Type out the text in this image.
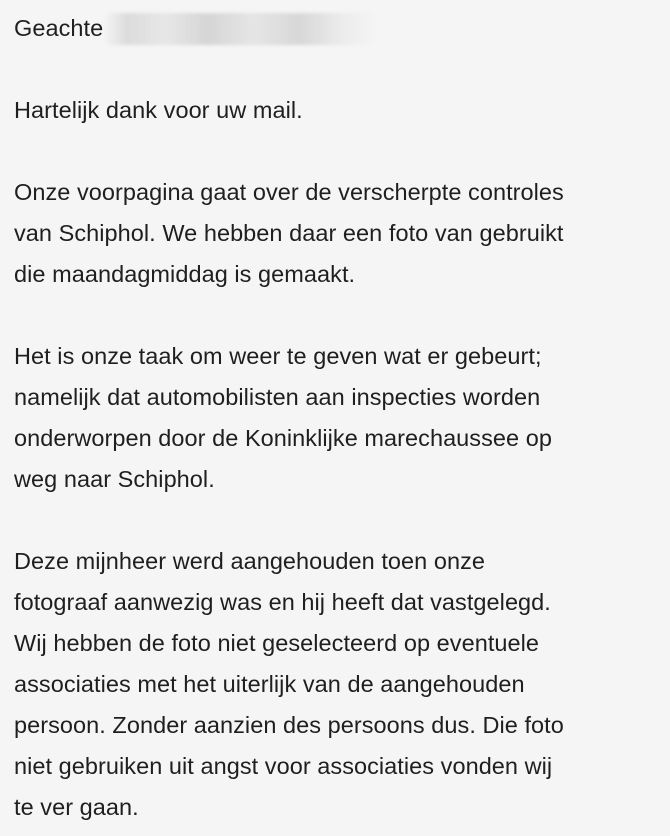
Geachte

Hartelijk dank voor uw mail.

Onze voorpagina gaat over de verscherpte controles
van Schiphol. We hebben daar een foto van gebruikt
die maandagmiddag is gemaakt.

Het is onze taak om weer te geven wat er gebeurt;
namelijk dat automobilisten aan inspecties worden
onderworpen door de Koninklijke marechaussee op
weg naar Schiphol.

Deze mijnheer werd aangehouden toen onze
fotograaf aanwezig was en hij heeft dat vastgelegd.
Wij hebben de foto niet geselecteerd op eventuele
associaties met het uiterlijk van de aangehouden
persoon. Zonder aanzien des persoons dus. Die foto
niet gebruiken uit angst voor associaties vonden wij
te ver gaan.
